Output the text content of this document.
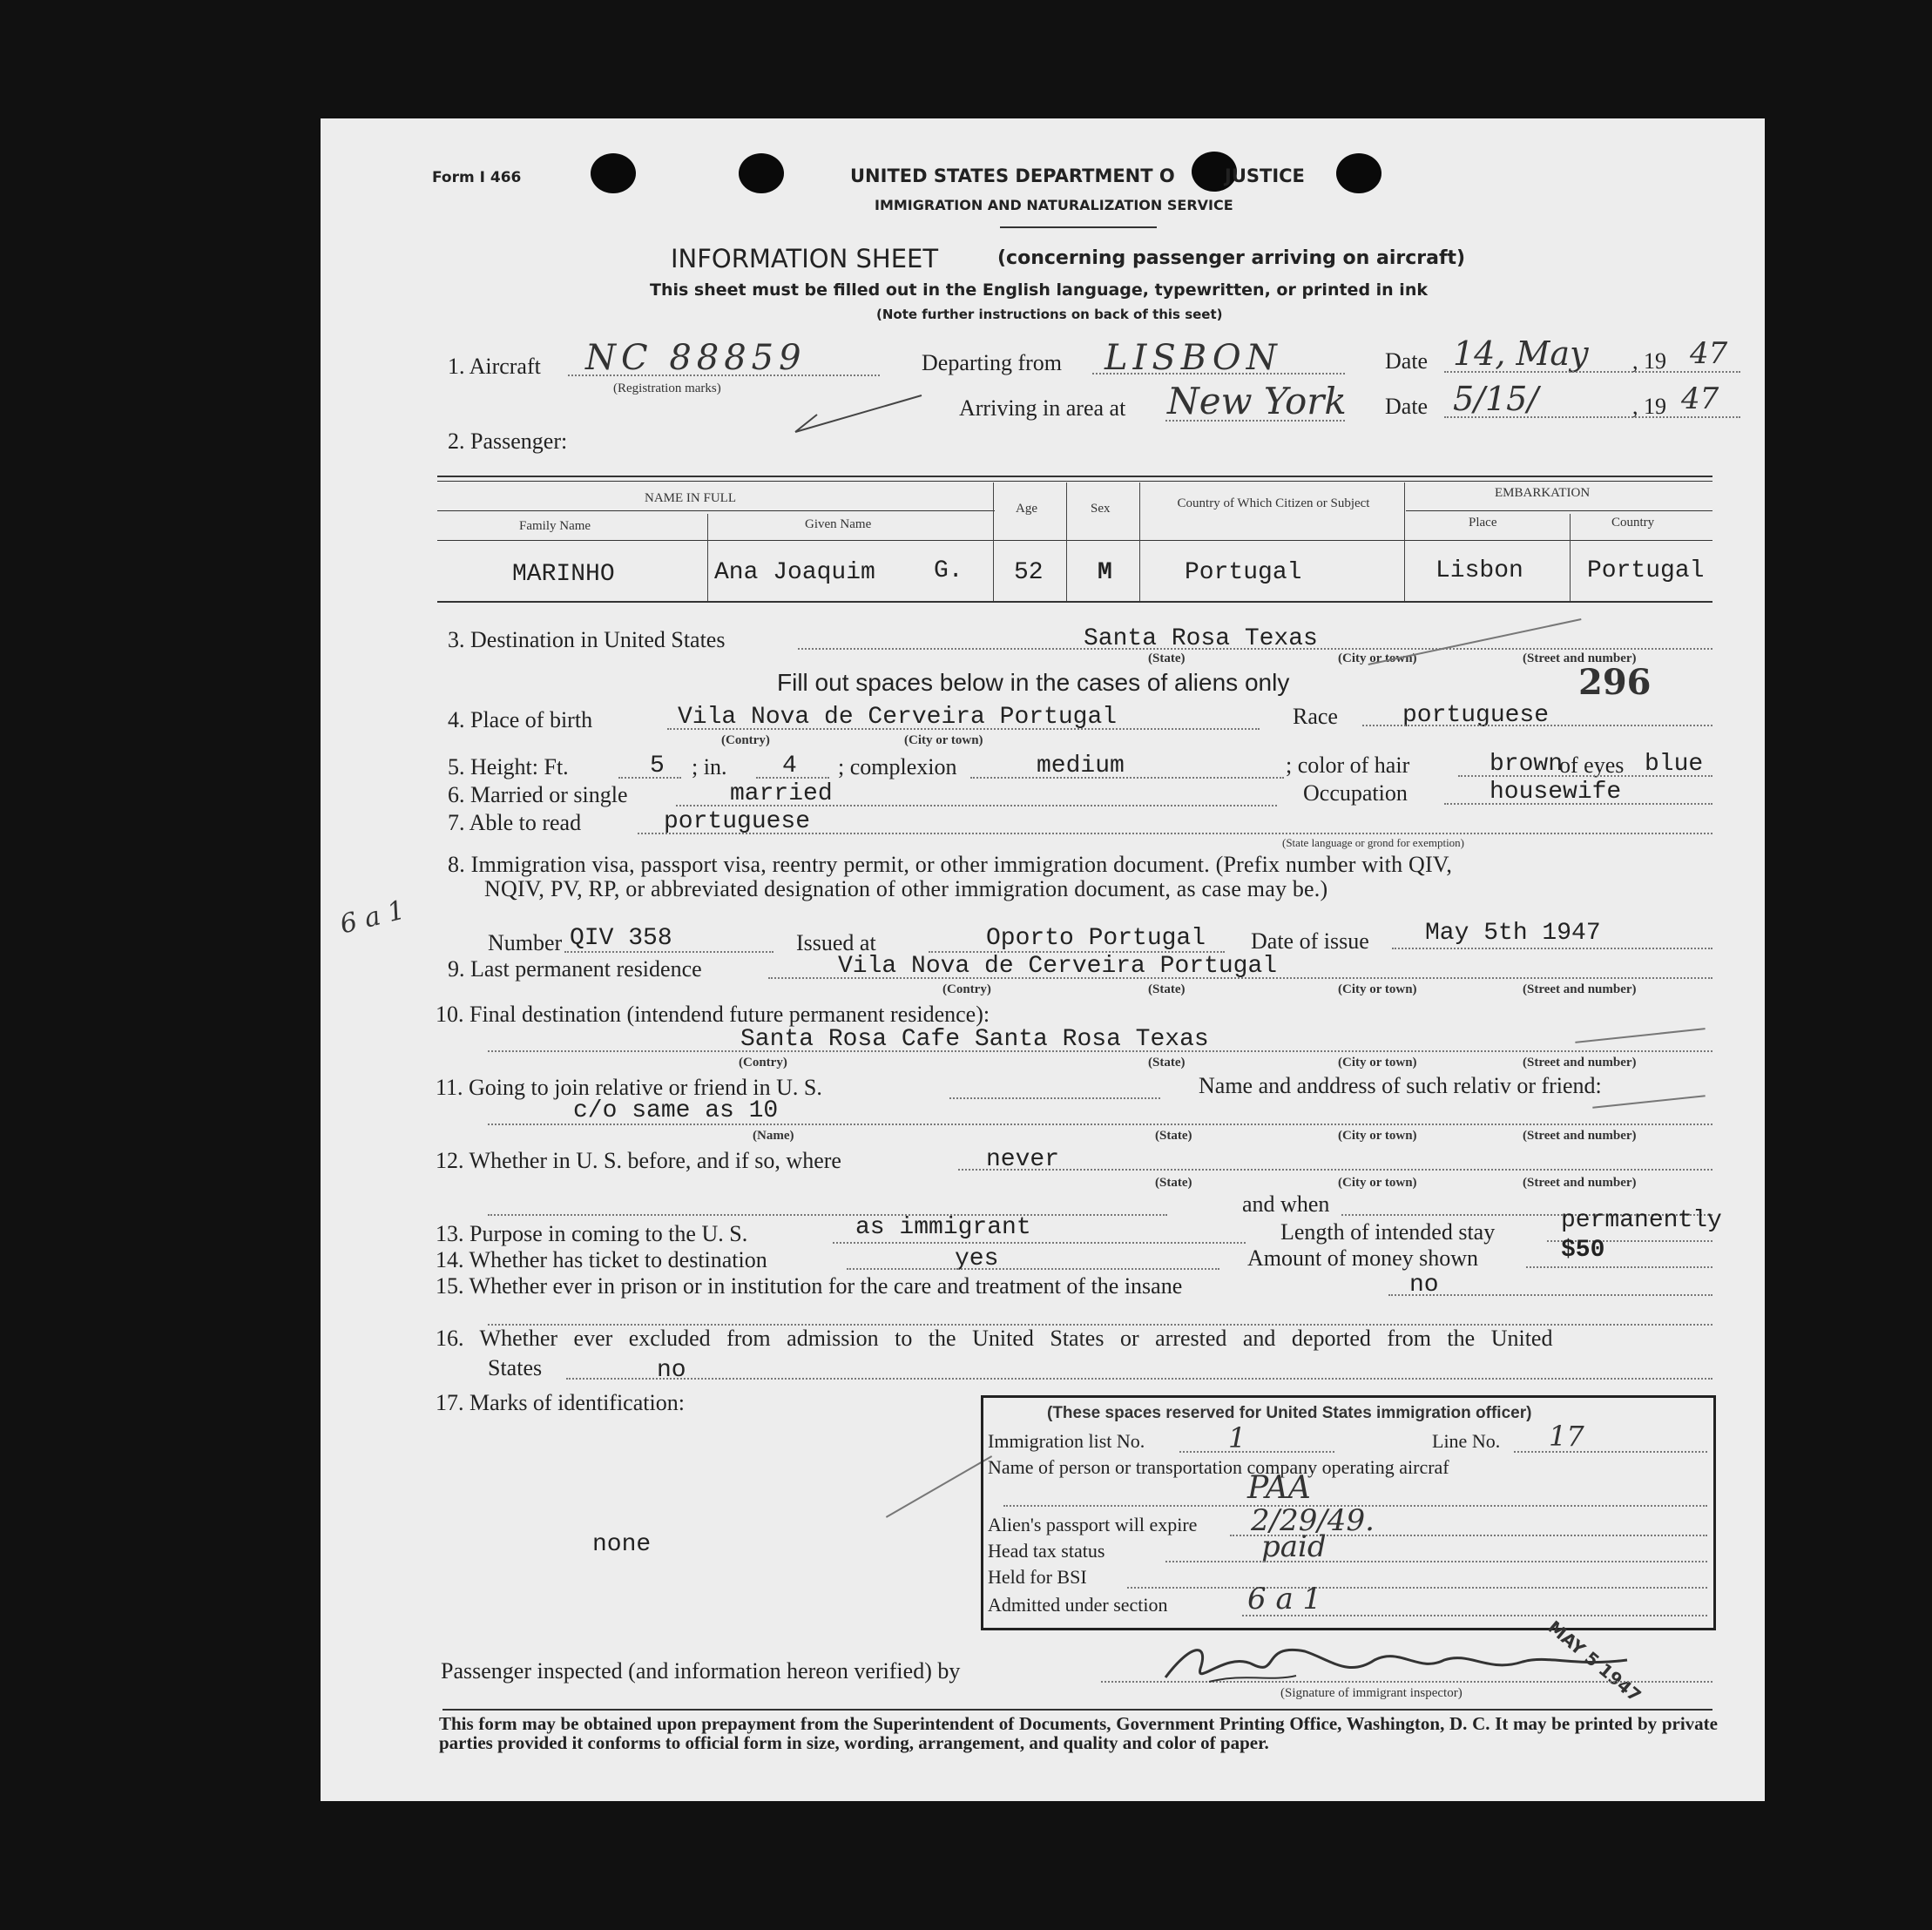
Form I 466	UNITED STATES DEPARTMENT O	JUSTICE
IMMIGRATION AND NATURALIZATION SERVICE
INFORMATION SHEET	(concerning passenger arriving on aircraft)
This sheet must be filled out in the English language, typewritten, or printed in ink
(Note further instructions on back of this seet)
1. Aircraft NC 88859
(Registration marks)
Departing from LISBON	Date 14, May , 19 47
Arriving in area at New York Date 5/15/	, 19 47
2. Passenger:
NAME IN FULL
Family Name	Given Name
Age	Sex	Country of Which Citizen or Subject
EMBARKATION
Place	Country
MARINHO	Ana Joaquim G. 52 M	Portugal	Lisbon	Portugal
3. Destination in United States	Santa Rosa Texas
(State)	(City or town)	(Street and number)
Fill out spaces below in the cases of aliens only	296
4. Place of birth	Vila Nova de Cerveira Portugal
(Contry)	(City or town)
Race	portuguese
5. Height: Ft.	5 ; in. 4 ; complexion	medium	; color of hair	brown
of eyes blue
6. Married or single	married	Occupation	housewife
7. Able to read	portuguese
(State language or grond for exemption)
8. Immigration visa, passport visa, reentry permit, or other immigration document. (Prefix number with QIV,
NQIV, PV, RP, or abbreviated designation of other immigration document, as case may be.)
6 a 1
Number QIV 358	Issued at	Oporto Portugal Date of issue May 5th 1947
9. Last permanent residence	Vila Nova de Cerveira Portugal
(Contry)	(State)	(City or town)	(Street and number)
10. Final destination (intendend future permanent residence):
Santa Rosa Cafe Santa Rosa Texas
(Contry)	(State)	(City or town)	(Street and number)
11. Going to join relative or friend in U. S.	Name and anddress of such relativ or friend:
c/o same as 10
(Name)	(State)	(City or town)	(Street and number)
12. Whether in U. S. before, and if so, where	never
(State)	(City or town)	(Street and number)
and when
13. Purpose in coming to the U. S.	as immigrant	Length of intended stay	permanently
14. Whether has ticket to destination	yes	Amount of money shown	$50
15. Whether ever in prison or in institution for the care and treatment of the insane	no
16. Whether ever excluded from admission to the United States or arrested and deported from the United
States	no
17. Marks of identification:
none
(These spaces reserved for United States immigration officer)
Immigration list No.	1	Line No. 17
Name of person or transportation company operating aircraf
PAA
Alien's passport will expire 2/29/49.
Head tax status	paid
Held for BSI
Admitted under section	6 a 1
MAY 5 1947
Passenger inspected (and information hereon verified) by
(Signature of immigrant inspector)
This form may be obtained upon prepayment from the Superintendent of Documents, Government Printing Office, Washington, D. C. It may be printed by private parties provided it conforms to official form in size, wording, arrangement, and quality and color of paper.
